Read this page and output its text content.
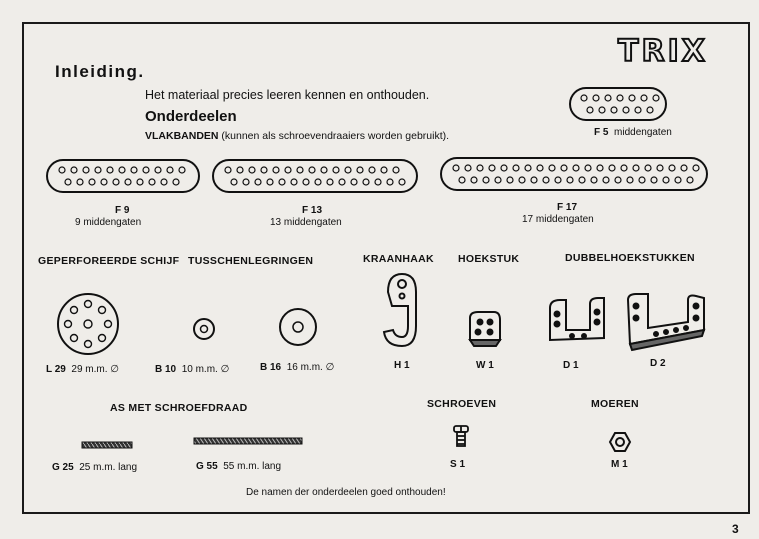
TRIX
Inleiding.
Het materiaal precies leeren kennen en onthouden.
Onderdeelen
VLAKBANDEN (kunnen als schroevendraaiers worden gebruikt).	F 5 middengaten
F 9
9 middengaten
F 13
13 middengaten
F 17
17 middengaten
GEPERFOREERDE SCHIJF TUSSCHENLEGRINGEN	KRAANHAAK HOEKSTUK	DUBBELHOEKSTUKKEN
AS MET SCHROEFDRAAD	SCHROEVEN	MOEREN
L 29 29 m.m. ∅	B 10 10 m.m. ∅	B 16 16 m.m. ∅	H 1	W 1	D 1	D 2
G 25 25 m.m. lang	G 55 55 m.m. lang	S 1	M 1
De namen der onderdeelen goed onthouden!
3
